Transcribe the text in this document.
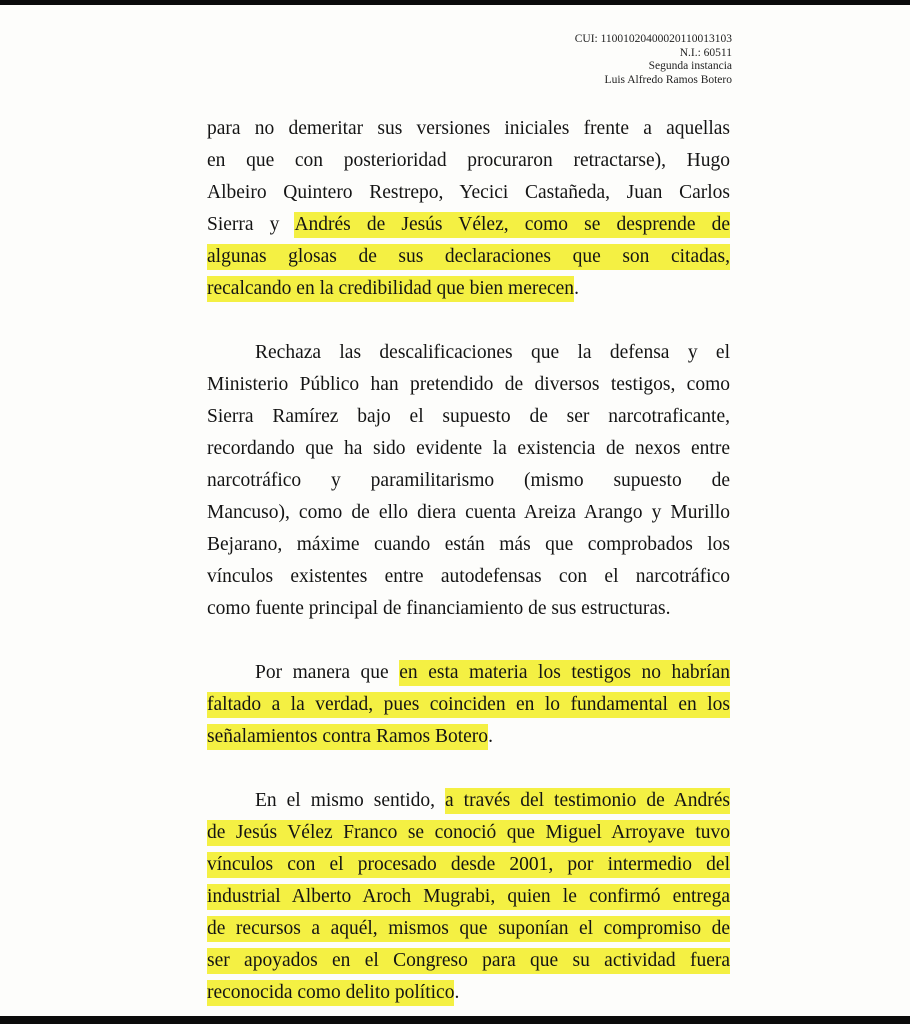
CUI: 11001020400020110013103
N.I.: 60511
Segunda instancia
Luis Alfredo Ramos Botero
para no demeritar sus versiones iniciales frente a aquellas
en que con posterioridad procuraron retractarse), Hugo
Albeiro Quintero Restrepo, Yecici Castañeda, Juan Carlos
Sierra y Andrés de Jesús Vélez, como se desprende de
algunas glosas de sus declaraciones que son citadas,
recalcando en la credibilidad que bien merecen.
Rechaza las descalificaciones que la defensa y el
Ministerio Público han pretendido de diversos testigos, como
Sierra Ramírez bajo el supuesto de ser narcotraficante,
recordando que ha sido evidente la existencia de nexos entre
narcotráfico y paramilitarismo (mismo supuesto de
Mancuso), como de ello diera cuenta Areiza Arango y Murillo
Bejarano, máxime cuando están más que comprobados los
vínculos existentes entre autodefensas con el narcotráfico
como fuente principal de financiamiento de sus estructuras.
Por manera que en esta materia los testigos no habrían
faltado a la verdad, pues coinciden en lo fundamental en los
señalamientos contra Ramos Botero.
En el mismo sentido, a través del testimonio de Andrés
de Jesús Vélez Franco se conoció que Miguel Arroyave tuvo
vínculos con el procesado desde 2001, por intermedio del
industrial Alberto Aroch Mugrabi, quien le confirmó entrega
de recursos a aquél, mismos que suponían el compromiso de
ser apoyados en el Congreso para que su actividad fuera
reconocida como delito político.
